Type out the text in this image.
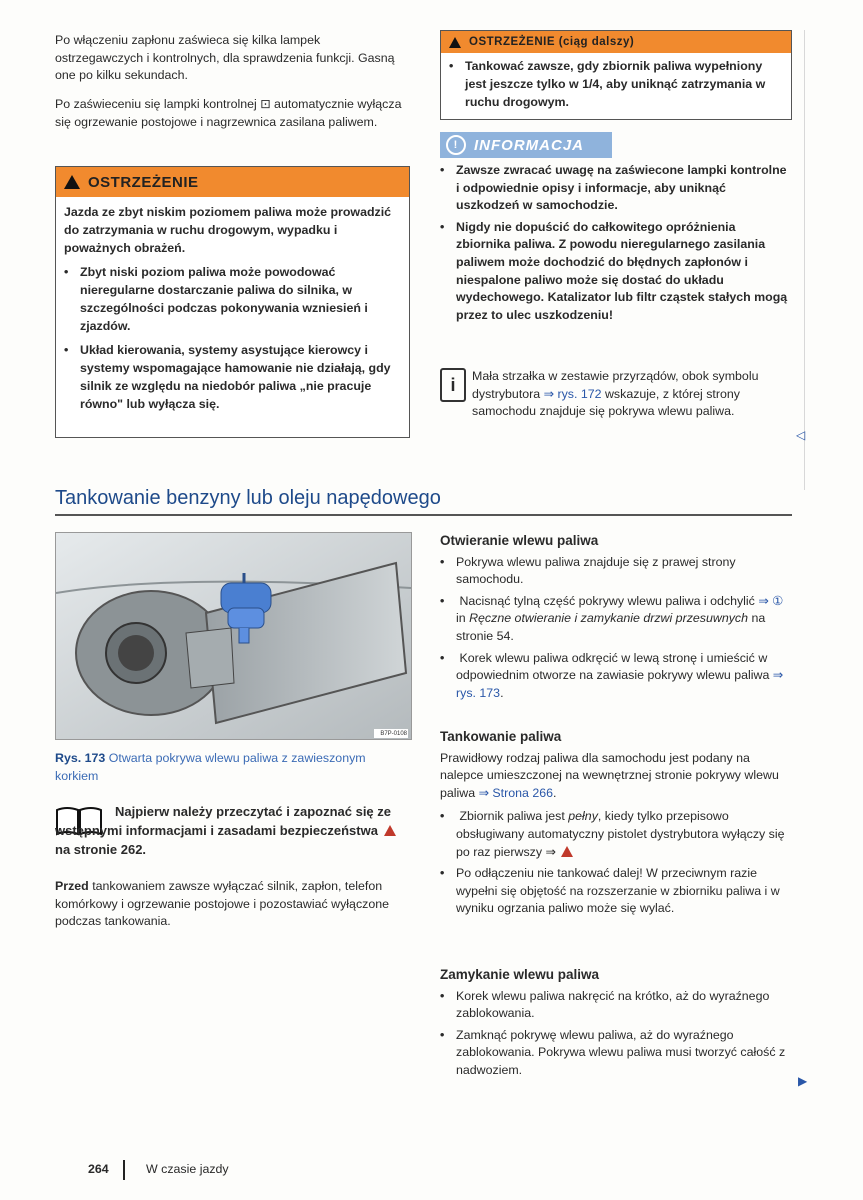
Po włączeniu zapłonu zaświeca się kilka lampek ostrzegawczych i kontrolnych, dla sprawdzenia funkcji. Gasną one po kilku sekundach.

Po zaświeceniu się lampki kontrolnej ⊡ automatycznie wyłącza się ogrzewanie postojowe i nagrzewnica zasilana paliwem.

OSTRZEŻENIE

Jazda ze zbyt niskim poziomem paliwa może prowadzić do zatrzymania w ruchu drogowym, wypadku i poważnych obrażeń.

• Zbyt niski poziom paliwa może powodować nieregularne dostarczanie paliwa do silnika, w szczególności podczas pokonywania wzniesień i zjazdów.

• Układ kierowania, systemy asystujące kierowcy i systemy wspomagające hamowanie nie działają, gdy silnik ze względu na niedobór paliwa „nie pracuje równo" lub wyłącza się.

OSTRZEŻENIE (ciąg dalszy)

• Tankować zawsze, gdy zbiornik paliwa wypełniony jest jeszcze tylko w 1/4, aby uniknąć zatrzymania w ruchu drogowym.

!	INFORMACJA

• Zawsze zwracać uwagę na zaświecone lampki kontrolne i odpowiednie opisy i informacje, aby uniknąć uszkodzeń w samochodzie.

• Nigdy nie dopuścić do całkowitego opróżnienia zbiornika paliwa. Z powodu nieregularnego zasilania paliwem może dochodzić do błędnych zapłonów i niespalone paliwo może się dostać do układu wydechowego. Katalizator lub filtr cząstek stałych mogą przez to ulec uszkodzeniu!

i	Mała strzałka w zestawie przyrządów, obok symbolu dystrybutora ⇒ rys. 172 wskazuje, z której strony samochodu znajduje się pokrywa wlewu paliwa.

◁
Tankowanie benzyny lub oleju napędowego
B7P-0108
Rys. 173 Otwarta pokrywa wlewu paliwa z zawieszonym korkiem
Najpierw należy przeczytać i zapoznać się ze wstępnymi informacjami i zasadami bezpieczeństwa  na stronie 262.

Przed tankowaniem zawsze wyłączać silnik, zapłon, telefon komórkowy i ogrzewanie postojowe i pozostawiać wyłączone podczas tankowania.

Otwieranie wlewu paliwa

• Pokrywa wlewu paliwa znajduje się z prawej strony samochodu.

• Nacisnąć tylną część pokrywy wlewu paliwa i odchylić ⇒ ① in Ręczne otwieranie i zamykanie drzwi przesuwnych na stronie 54.

• Korek wlewu paliwa odkręcić w lewą stronę i umieścić w odpowiednim otworze na zawiasie pokrywy wlewu paliwa ⇒ rys. 173.

Tankowanie paliwa

Prawidłowy rodzaj paliwa dla samochodu jest podany na nalepce umieszczonej na wewnętrznej stronie pokrywy wlewu paliwa ⇒ Strona 266.

• Zbiornik paliwa jest pełny, kiedy tylko przepisowo obsługiwany automatyczny pistolet dystrybutora wyłączy się po raz pierwszy ⇒

• Po odłączeniu nie tankować dalej! W przeciwnym razie wypełni się objętość na rozszerzanie w zbiorniku paliwa i w wyniku ogrzania paliwo może się wylać.

Zamykanie wlewu paliwa

• Korek wlewu paliwa nakręcić na krótko, aż do wyraźnego zablokowania.

• Zamknąć pokrywę wlewu paliwa, aż do wyraźnego zablokowania. Pokrywa wlewu paliwa musi tworzyć całość z nadwoziem.

▶
264	W czasie jazdy
